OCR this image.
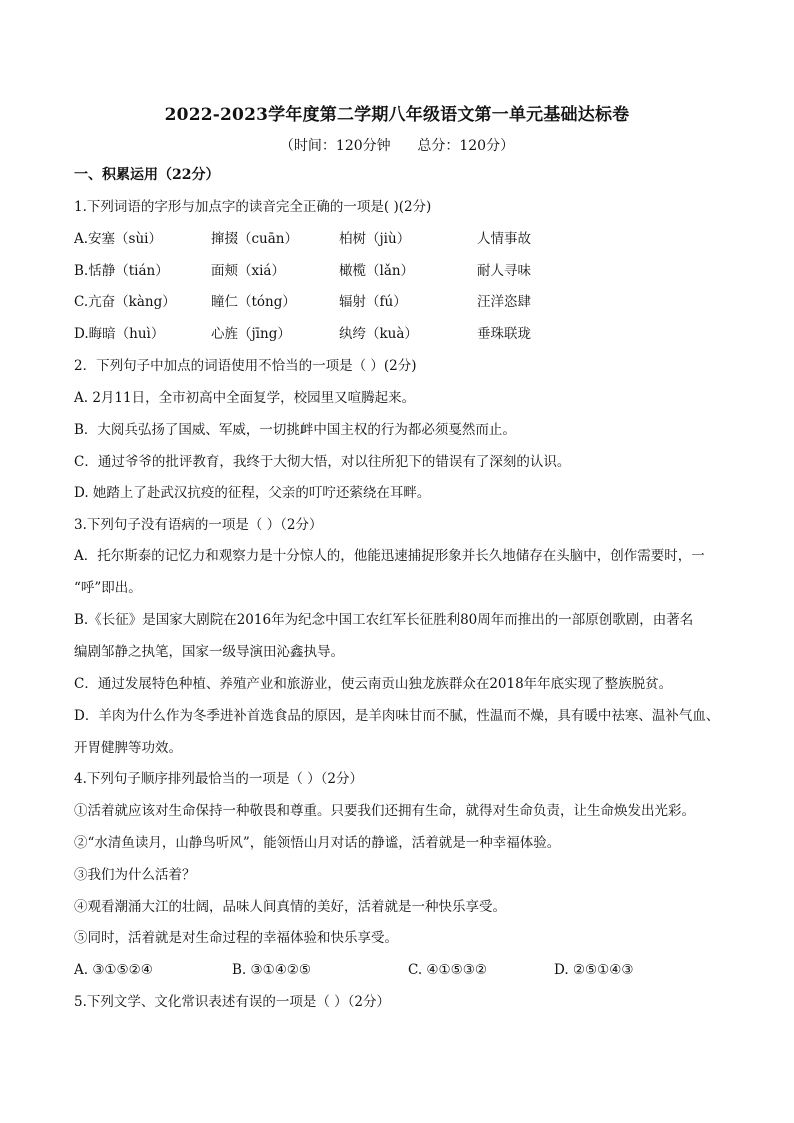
2022-2023学年度第二学期八年级语文第一单元基础达标卷
（时间：120分钟      总分：120分）
一、积累运用（22分）
1.下列词语的字形与加点字的读音完全正确的一项是( )(2分)
A.安塞（sùi）	撺掇（cuān）	柏树（jiù）	人情事故
B.恬静（tián）	面颊（xiá）	橄榄（lǎn）	耐人寻味
C.亢奋（kàng）	瞳仁（tóng）	辐射（fú）	汪洋恣肆
D.晦暗（huì）	心旌（jīng）	纨绔（kuà）	垂珠联珑
2．下列句子中加点的词语使用不恰当的一项是（ ）(2分)
A. 2月11日，全市初高中全面复学，校园里又喧腾起来。
B．大阅兵弘扬了国威、军威，一切挑衅中国主权的行为都必须戛然而止。
C．通过爷爷的批评教育，我终于大彻大悟，对以往所犯下的错误有了深刻的认识。
D. 她踏上了赴武汉抗疫的征程，父亲的叮咛还萦绕在耳畔。
3.下列句子没有语病的一项是（ ）（2分）
A．托尔斯泰的记忆力和观察力是十分惊人的，他能迅速捕捉形象并长久地储存在头脑中，创作需要时，一
“呼”即出。
B.《长征》是国家大剧院在2016年为纪念中国工农红军长征胜利80周年而推出的一部原创歌剧，由著名
编剧邹静之执笔，国家一级导演田沁鑫执导。
C．通过发展特色种植、养殖产业和旅游业，使云南贡山独龙族群众在2018年年底实现了整族脱贫。
D．羊肉为什么作为冬季进补首选食品的原因，是羊肉味甘而不腻，性温而不燥，具有暖中祛寒、温补气血、
开胃健脾等功效。
4.下列句子顺序排列最恰当的一项是（ ）（2分）
①活着就应该对生命保持一种敬畏和尊重。只要我们还拥有生命，就得对生命负责，让生命焕发出光彩。
②“水清鱼读月，山静鸟听风”，能领悟山月对话的静谧，活着就是一种幸福体验。
③我们为什么活着？
④观看潮涌大江的壮阔，品味人间真情的美好，活着就是一种快乐享受。
⑤同时，活着就是对生命过程的幸福体验和快乐享受。
A. ③①⑤②④	B. ③①④②⑤	C. ④①⑤③②	D. ②⑤①④③
5.下列文学、文化常识表述有误的一项是（ ）（2分）
